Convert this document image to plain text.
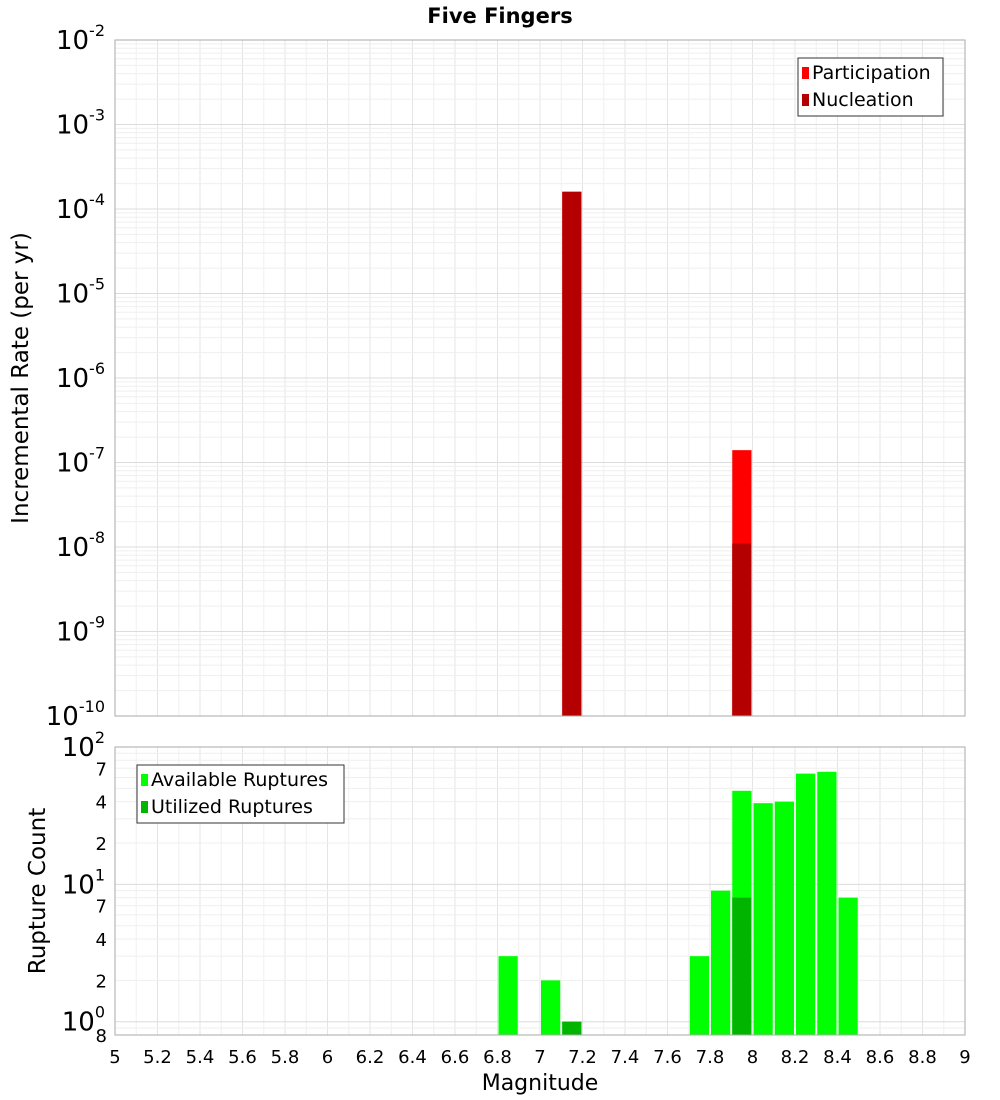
Five Fingers
Magnitude
$10^{-10}$
$10^{-9}$
$10^{-8}$
$10^{-7}$
$10^{-6}$
$10^{-5}$
$10^{-4}$
$10^{-3}$
$10^{-2}$
Incremental Rate (per yr)
Participation
Nucleation
8
$10^0$
2
4
7
$10^1$
2
4
7
$10^2$
Rupture Count
Available Ruptures
Utilized Ruptures
5 5.2 5.4 5.6 5.8 6 6.2 6.4 6.6 6.8 7 7.2 7.4 7.6 7.8 8 8.2 8.4 8.6 8.8 9
